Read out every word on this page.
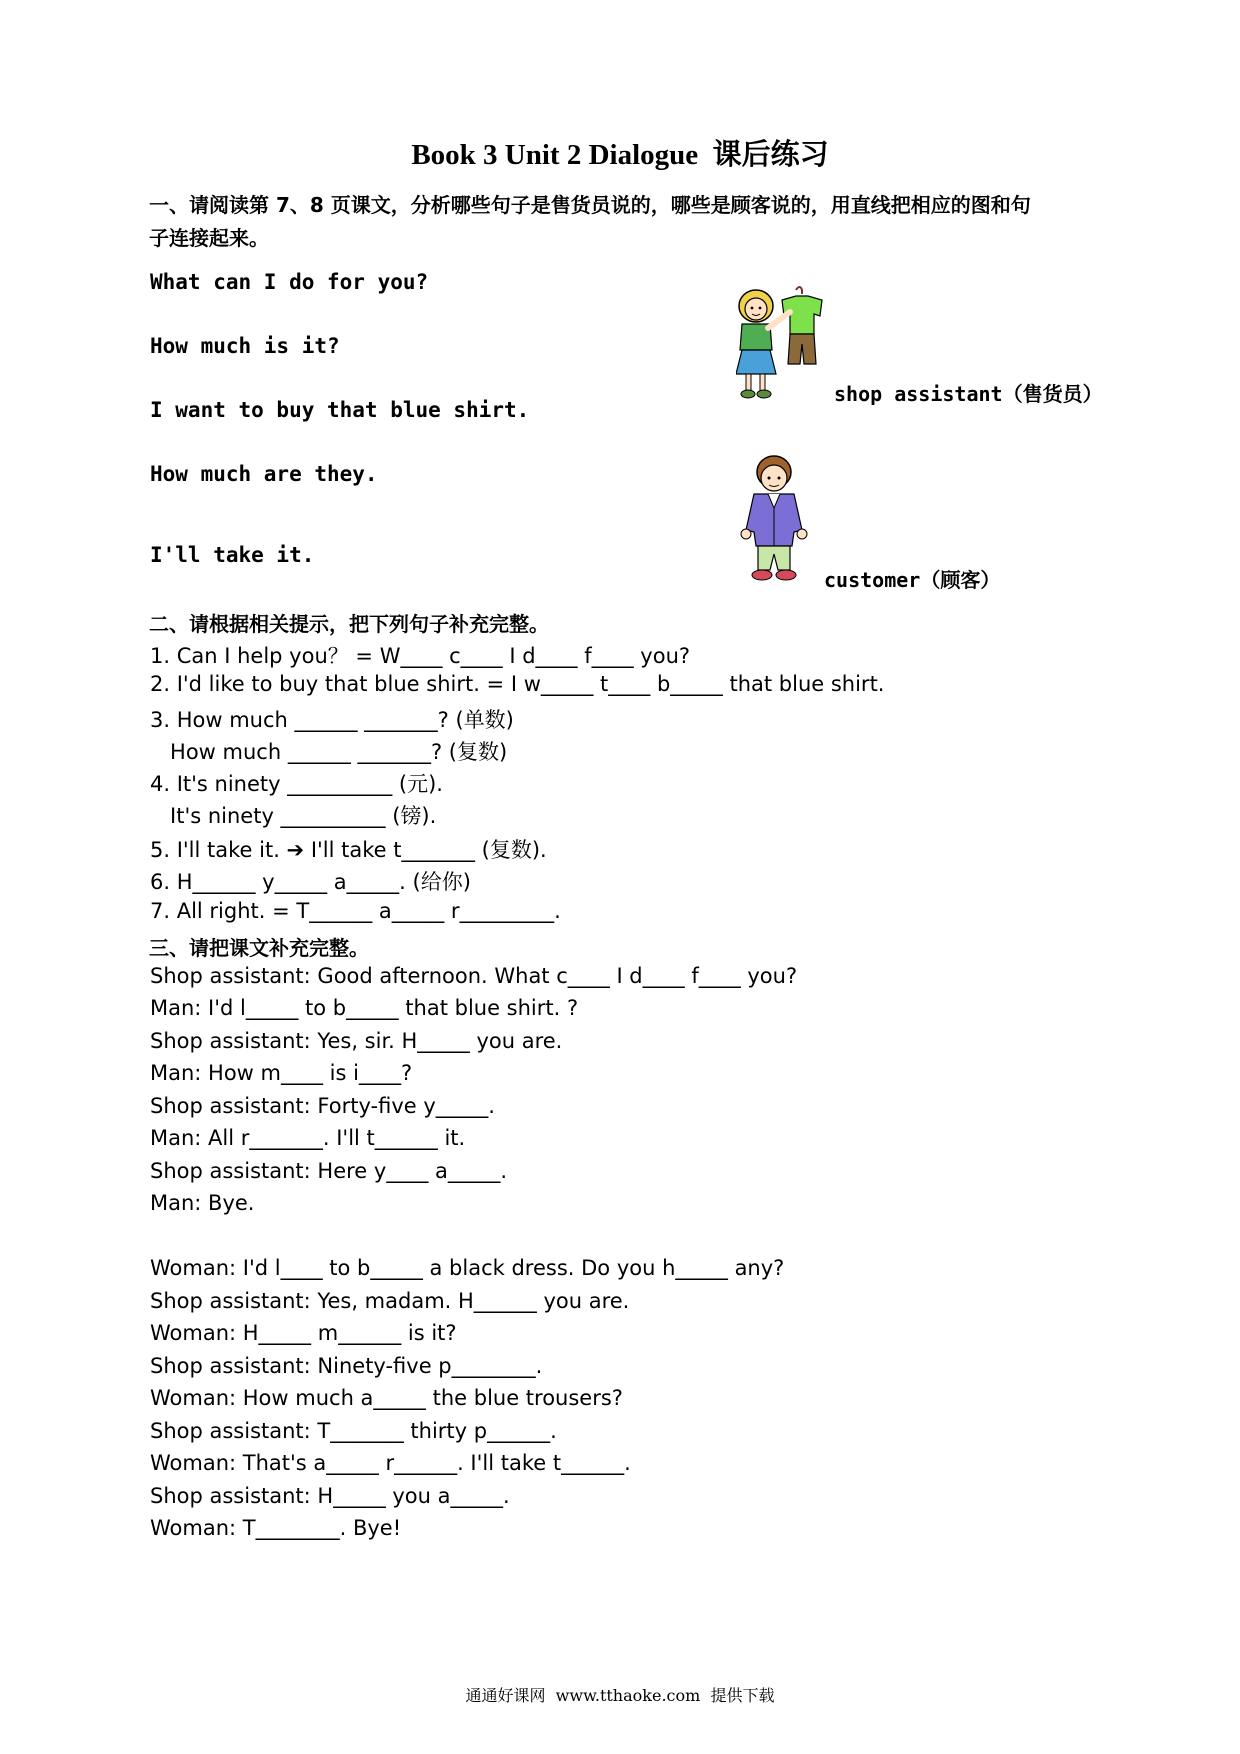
Book 3 Unit 2 Dialogue  课后练习
一、请阅读第 7、8 页课文，分析哪些句子是售货员说的，哪些是顾客说的，用直线把相应的图和句
子连接起来。
What can I do for you?
How much is it?
I want to buy that blue shirt.
How much are they.
I'll take it.
shop assistant（售货员）
customer（顾客）
二、请根据相关提示，把下列句子补充完整。
1. Can I help you？ = W____ c____ I d____ f____ you?
2. I'd like to buy that blue shirt. = I w_____ t____ b_____ that blue shirt.
3. How much ______ _______? (单数)
How much ______ _______? (复数)
4. It's ninety __________ (元).
It's ninety __________ (镑).
5. I'll take it. ➔ I'll take t_______ (复数).
6. H______ y_____ a_____. (给你)
7. All right. = T______ a_____ r_________.
三、请把课文补充完整。
Shop assistant: Good afternoon. What c____ I d____ f____ you?
Man: I'd l_____ to b_____ that blue shirt. ?
Shop assistant: Yes, sir. H_____ you are.
Man: How m____ is i____?
Shop assistant: Forty-five y_____.
Man: All r_______. I'll t______ it.
Shop assistant: Here y____ a_____.
Man: Bye.
Woman: I'd l____ to b_____ a black dress. Do you h_____ any?
Shop assistant: Yes, madam. H______ you are.
Woman: H_____ m______ is it?
Shop assistant: Ninety-five p________.
Woman: How much a_____ the blue trousers?
Shop assistant: T_______ thirty p______.
Woman: That's a_____ r______. I'll take t______.
Shop assistant: H_____ you a_____.
Woman: T________. Bye!
通通好课网  www.tthaoke.com  提供下载
